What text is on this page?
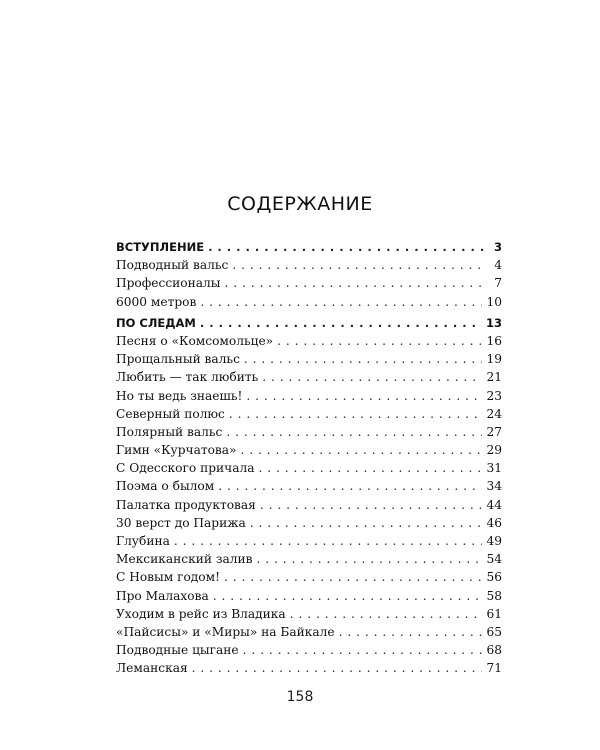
СОДЕРЖАНИЕ
ВСТУПЛЕНИЕ . . .	3
Подводный вальс . . .	4
Профессионалы . . .	7
6000 метров . . .	10
ПО СЛЕДАМ . . .	13
Песня о «Комсомольце» . . .	16
Прощальный вальс . . .	19
Любить — так любить . . .	21
Но ты ведь знаешь! . . .	23
Северный полюс . . .	24
Полярный вальс . . .	27
Гимн «Курчатова» . . .	29
С Одесского причала . . .	31
Поэма о былом . . .	34
Палатка продуктовая . . .	44
30 верст до Парижа . . .	46
Глубина . . .	49
Мексиканский залив . . .	54
С Новым годом! . . .	56
Про Малахова . . .	58
Уходим в рейс из Владика . . .	61
«Пайсисы» и «Миры» на Байкале . . .	65
Подводные цыгане . . .	68
Леманская . . .	71
158
